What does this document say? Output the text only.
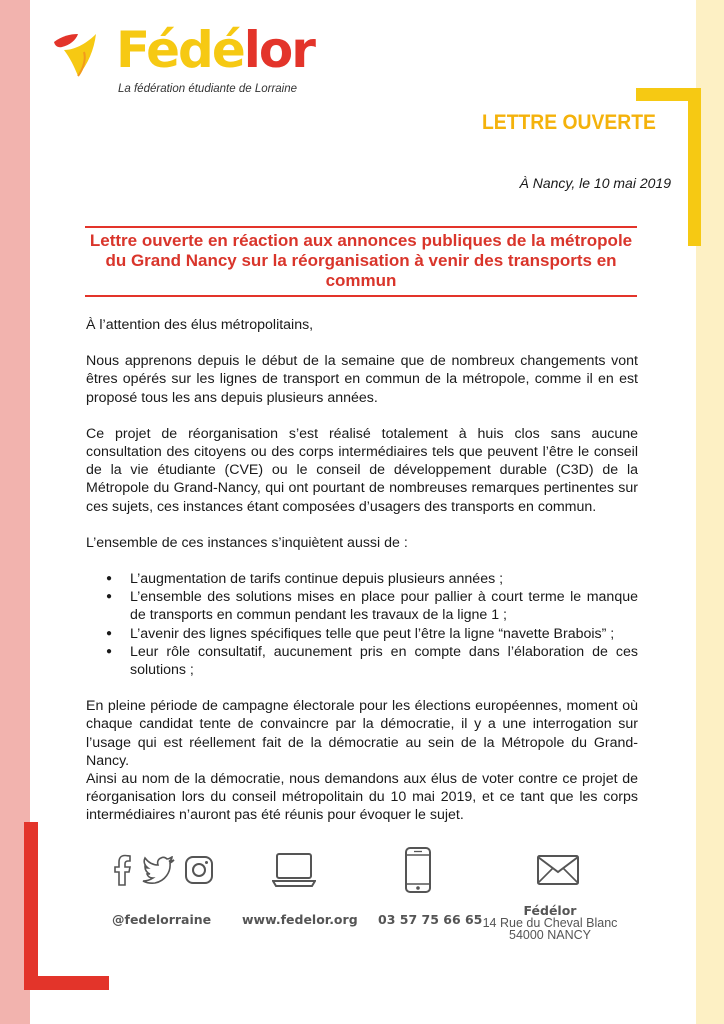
Fédélor
La fédération étudiante de Lorraine
LETTRE OUVERTE
À Nancy, le 10 mai 2019
Lettre ouverte en réaction aux annonces publiques de la métropole du Grand Nancy sur la réorganisation à venir des transports en commun

À l’attention des élus métropolitains,

Nous apprenons depuis le début de la semaine que de nombreux changements vont êtres opérés sur les lignes de transport en commun de la métropole, comme il en est proposé tous les ans depuis plusieurs années.

Ce projet de réorganisation s’est réalisé totalement à huis clos sans aucune consultation des citoyens ou des corps intermédiaires tels que peuvent l’être le conseil de la vie étudiante (CVE) ou le conseil de développement durable (C3D) de la Métropole du Grand-Nancy, qui ont pourtant de nombreuses remarques pertinentes sur ces sujets, ces instances étant composées d’usagers des transports en commun.

L’ensemble de ces instances s’inquiètent aussi de :

● L’augmentation de tarifs continue depuis plusieurs années ;
● L’ensemble des solutions mises en place pour pallier à court terme le manque de transports en commun pendant les travaux de la ligne 1 ;
● L’avenir des lignes spécifiques telle que peut l’être la ligne “navette Brabois” ;
● Leur rôle consultatif, aucunement pris en compte dans l’élaboration de ces solutions ;

En pleine période de campagne électorale pour les élections européennes, moment où chaque candidat tente de convaincre par la démocratie, il y a une interrogation sur l’usage qui est réellement fait de la démocratie au sein de la Métropole du Grand-Nancy.

Ainsi au nom de la démocratie, nous demandons aux élus de voter contre ce projet de réorganisation lors du conseil métropolitain du 10 mai 2019, et ce tant que les corps intermédiaires n’auront pas été réunis pour évoquer le sujet.

@fedelorraine www.fedelor.org 03 57 75 66 65
Fédélor
14 Rue du Cheval Blanc
54000 NANCY
